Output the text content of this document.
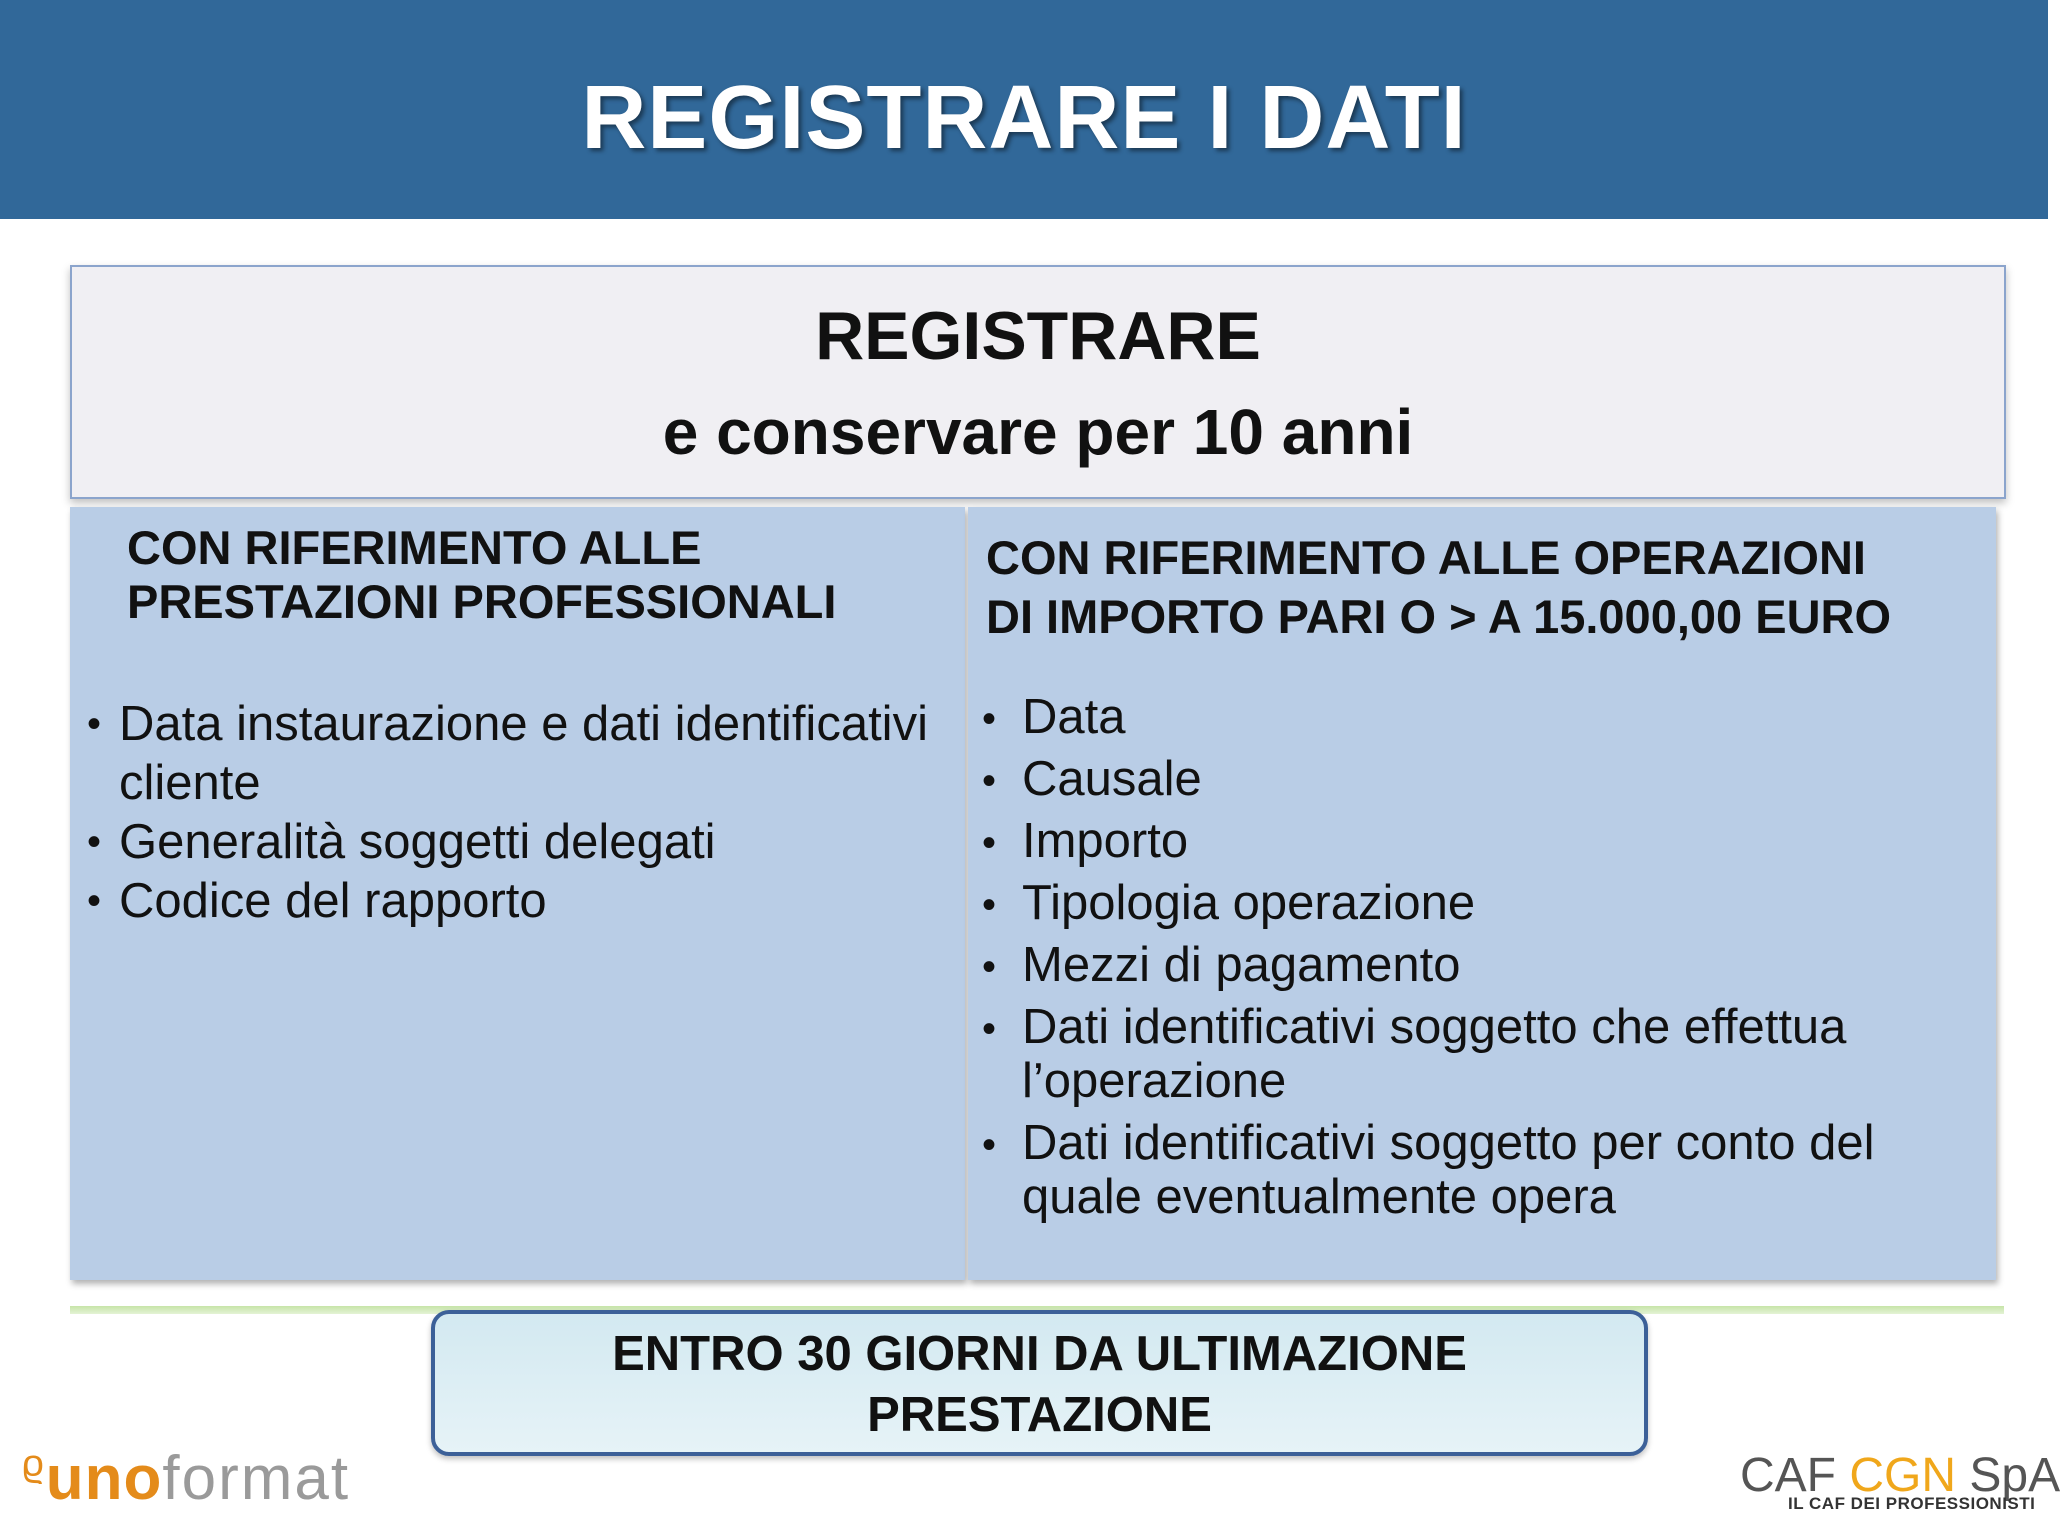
REGISTRARE I DATI
REGISTRARE
e conservare per 10 anni
CON RIFERIMENTO ALLE
PRESTAZIONI PROFESSIONALI
• Data instaurazione e dati identificativi cliente
• Generalità soggetti delegati
• Codice del rapporto
CON RIFERIMENTO ALLE OPERAZIONI
DI IMPORTO PARI O > A 15.000,00 EURO
• Data
• Causale
• Importo
• Tipologia operazione
• Mezzi di pagamento
• Dati identificativi soggetto che effettua l’operazione
• Dati identificativi soggetto per conto del quale eventualmente opera
ENTRO 30 GIORNI DA ULTIMAZIONE
PRESTAZIONE
ϱ uno format	CAF CGN SpA
IL CAF DEI PROFESSIONISTI
